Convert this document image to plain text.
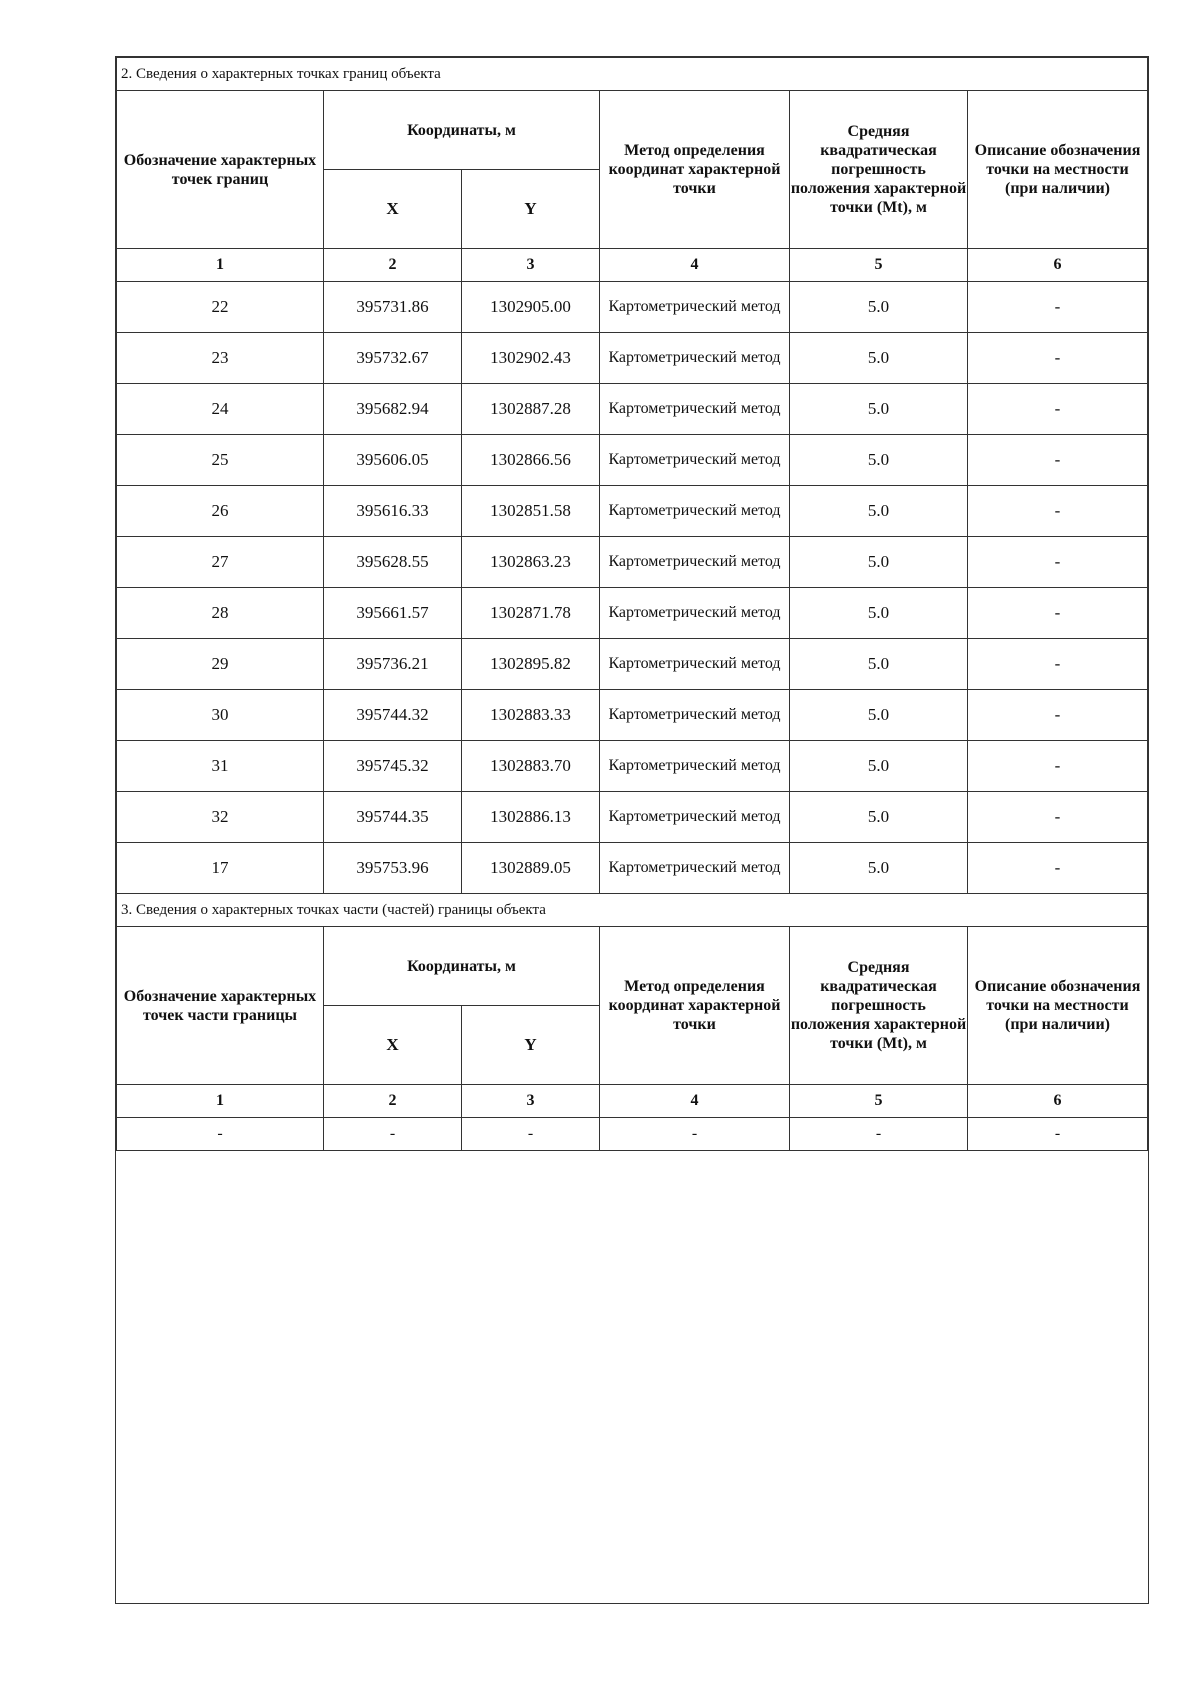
2. Сведения о характерных точках границ объекта					
Обозначение характерных точек границ	Координаты, м		Метод определения координат характерной точки	Средняя квадратическая погрешность положения характерной точки (Mt), м	Описание обозначения точки на местности (при наличии)
	X	Y			
1	2	3	4	5	6
22	395731.86	1302905.00	Картометрический метод	5.0	-
23	395732.67	1302902.43	Картометрический метод	5.0	-
24	395682.94	1302887.28	Картометрический метод	5.0	-
25	395606.05	1302866.56	Картометрический метод	5.0	-
26	395616.33	1302851.58	Картометрический метод	5.0	-
27	395628.55	1302863.23	Картометрический метод	5.0	-
28	395661.57	1302871.78	Картометрический метод	5.0	-
29	395736.21	1302895.82	Картометрический метод	5.0	-
30	395744.32	1302883.33	Картометрический метод	5.0	-
31	395745.32	1302883.70	Картометрический метод	5.0	-
32	395744.35	1302886.13	Картометрический метод	5.0	-
17	395753.96	1302889.05	Картометрический метод	5.0	-
3. Сведения о характерных точках части (частей) границы объекта					
Обозначение характерных точек части границы	Координаты, м		Метод определения координат характерной точки	Средняя квадратическая погрешность положения характерной точки (Mt), м	Описание обозначения точки на местности (при наличии)
	X	Y			
1	2	3	4	5	6
-	-	-	-	-	-
